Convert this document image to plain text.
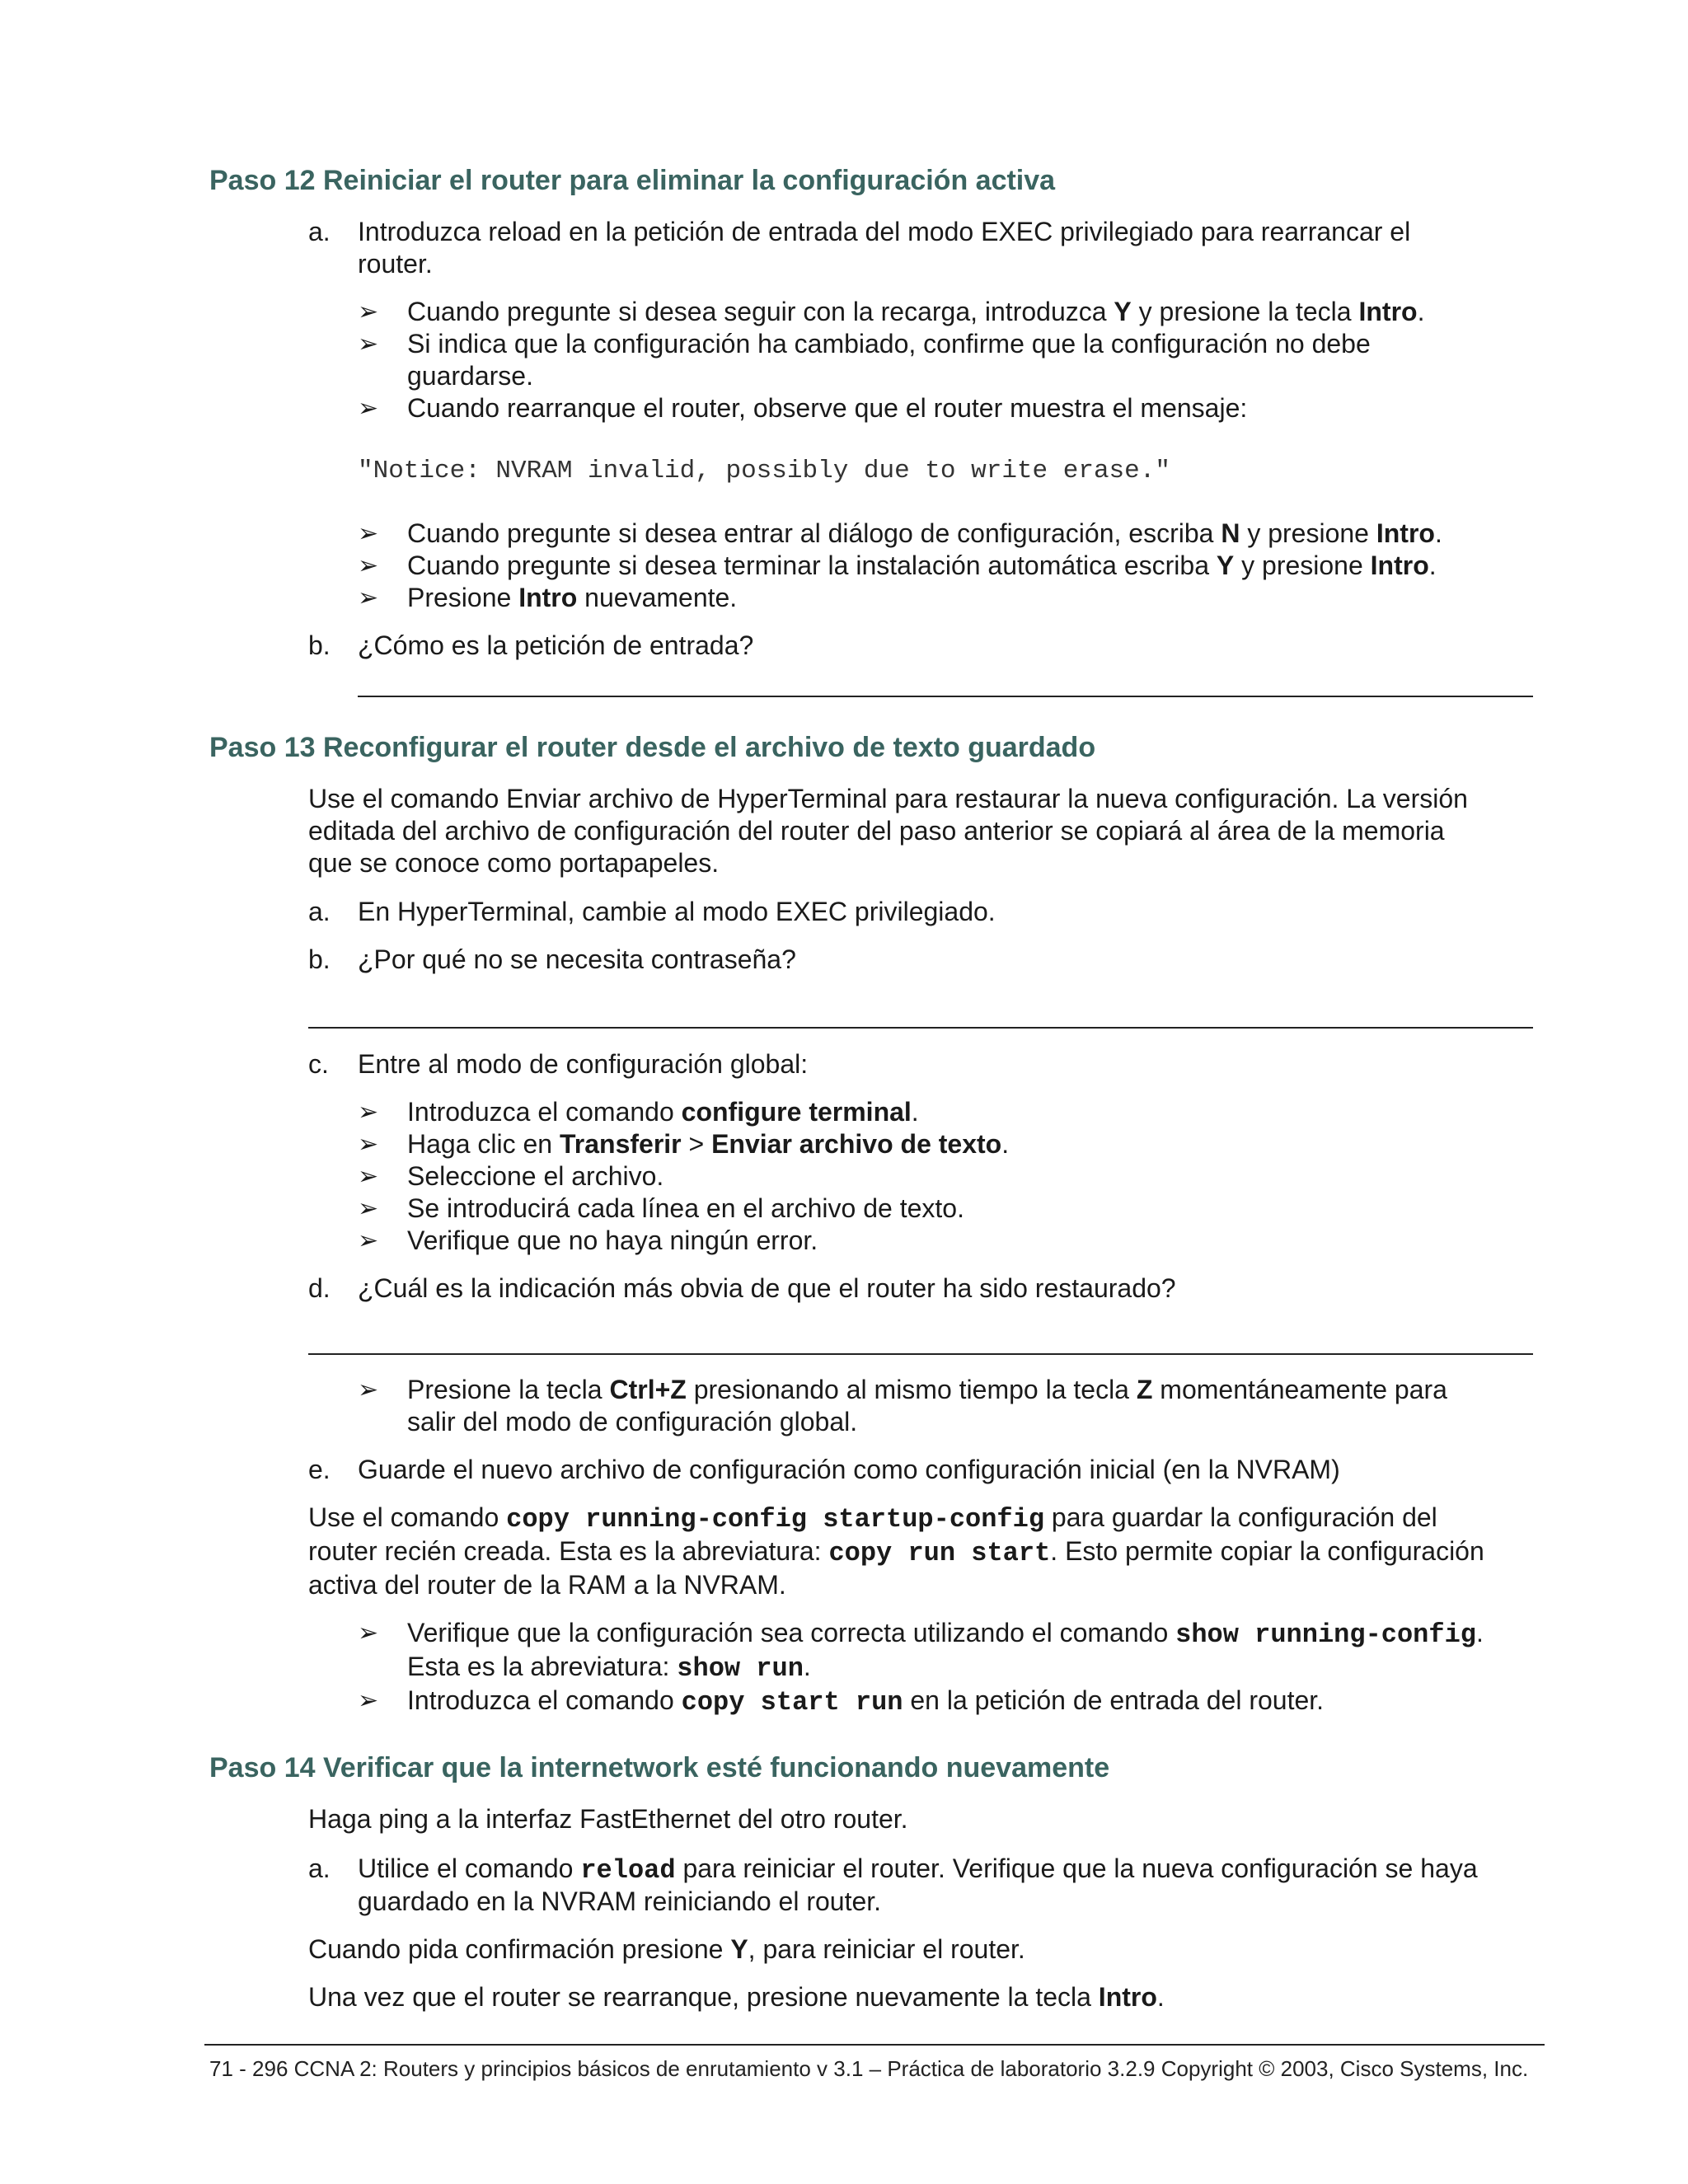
Paso 12 Reiniciar el router para eliminar la configuración activa
a. Introduzca reload en la petición de entrada del modo EXEC privilegiado para rearrancar el
router.
➢ Cuando pregunte si desea seguir con la recarga, introduzca Y y presione la tecla Intro.
➢ Si indica que la configuración ha cambiado, confirme que la configuración no debe
guardarse.
➢ Cuando rearranque el router, observe que el router muestra el mensaje:
"Notice: NVRAM invalid, possibly due to write erase."
➢ Cuando pregunte si desea entrar al diálogo de configuración, escriba N y presione Intro.
➢ Cuando pregunte si desea terminar la instalación automática escriba Y y presione Intro.
➢ Presione Intro nuevamente.
b. ¿Cómo es la petición de entrada?
Paso 13 Reconfigurar el router desde el archivo de texto guardado
Use el comando Enviar archivo de HyperTerminal para restaurar la nueva configuración. La versión
editada del archivo de configuración del router del paso anterior se copiará al área de la memoria
que se conoce como portapapeles.
a. En HyperTerminal, cambie al modo EXEC privilegiado.
b. ¿Por qué no se necesita contraseña?
c. Entre al modo de configuración global:
➢ Introduzca el comando configure terminal.
➢ Haga clic en Transferir > Enviar archivo de texto.
➢ Seleccione el archivo.
➢ Se introducirá cada línea en el archivo de texto.
➢ Verifique que no haya ningún error.
d. ¿Cuál es la indicación más obvia de que el router ha sido restaurado?
➢ Presione la tecla Ctrl+Z presionando al mismo tiempo la tecla Z momentáneamente para
salir del modo de configuración global.
e. Guarde el nuevo archivo de configuración como configuración inicial (en la NVRAM)
Use el comando copy running-config startup-config para guardar la configuración del
router recién creada. Esta es la abreviatura: copy run start. Esto permite copiar la configuración
activa del router de la RAM a la NVRAM.
➢ Verifique que la configuración sea correcta utilizando el comando show running-config.
Esta es la abreviatura: show run.
➢ Introduzca el comando copy start run en la petición de entrada del router.
Paso 14 Verificar que la internetwork esté funcionando nuevamente
Haga ping a la interfaz FastEthernet del otro router.
a. Utilice el comando reload para reiniciar el router. Verifique que la nueva configuración se haya
guardado en la NVRAM reiniciando el router.
Cuando pida confirmación presione Y, para reiniciar el router.
Una vez que el router se rearranque, presione nuevamente la tecla Intro.
71 - 296 CCNA 2: Routers y principios básicos de enrutamiento v 3.1 – Práctica de laboratorio 3.2.9 Copyright © 2003, Cisco Systems, Inc.
